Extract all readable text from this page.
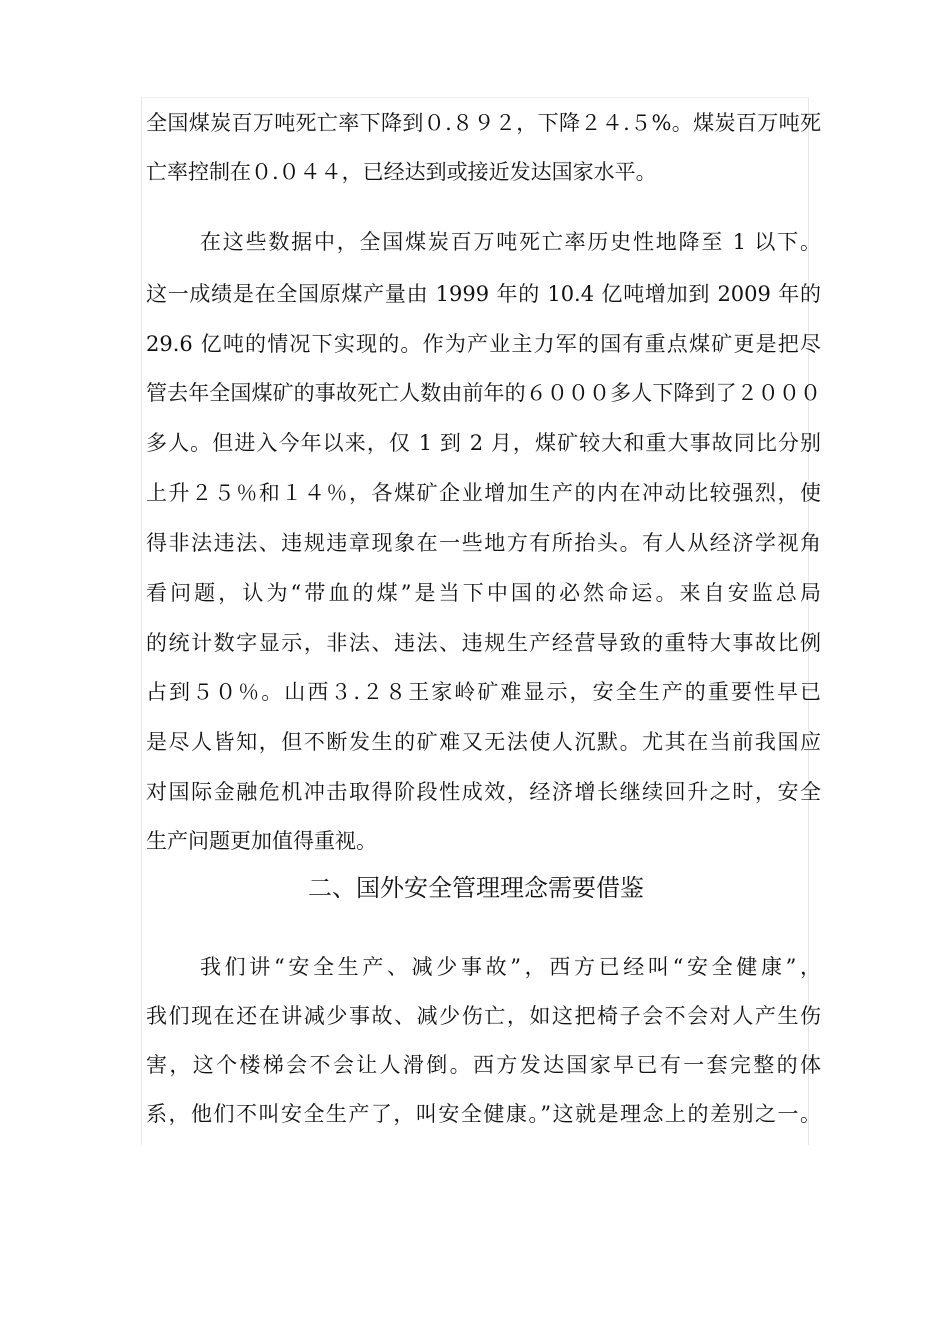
全国煤炭百万吨死亡率下降到０.８９２，下降２４.５%。煤炭百万吨死
亡率控制在０.０４４，已经达到或接近发达国家水平。
在这些数据中，全国煤炭百万吨死亡率历史性地降至 1 以下。
这一成绩是在全国原煤产量由 1999 年的 10.4 亿吨增加到 2009 年的
29.6 亿吨的情况下实现的。作为产业主力军的国有重点煤矿更是把尽
管去年全国煤矿的事故死亡人数由前年的６０００多人下降到了２０００
多人。但进入今年以来，仅 1 到 2 月，煤矿较大和重大事故同比分别
上升２５％和１４％，各煤矿企业增加生产的内在冲动比较强烈，使
得非法违法、违规违章现象在一些地方有所抬头。有人从经济学视角
看问题，认为“带血的煤”是当下中国的必然命运。来自安监总局
的统计数字显示，非法、违法、违规生产经营导致的重特大事故比例
占到５０％。山西３.２８王家岭矿难显示，安全生产的重要性早已
是尽人皆知，但不断发生的矿难又无法使人沉默。尤其在当前我国应
对国际金融危机冲击取得阶段性成效，经济增长继续回升之时，安全
生产问题更加值得重视。
二、国外安全管理理念需要借鉴
我们讲“安全生产、减少事故”，西方已经叫“安全健康”，
我们现在还在讲减少事故、减少伤亡，如这把椅子会不会对人产生伤
害，这个楼梯会不会让人滑倒。西方发达国家早已有一套完整的体
系，他们不叫安全生产了，叫安全健康。”这就是理念上的差别之一。
